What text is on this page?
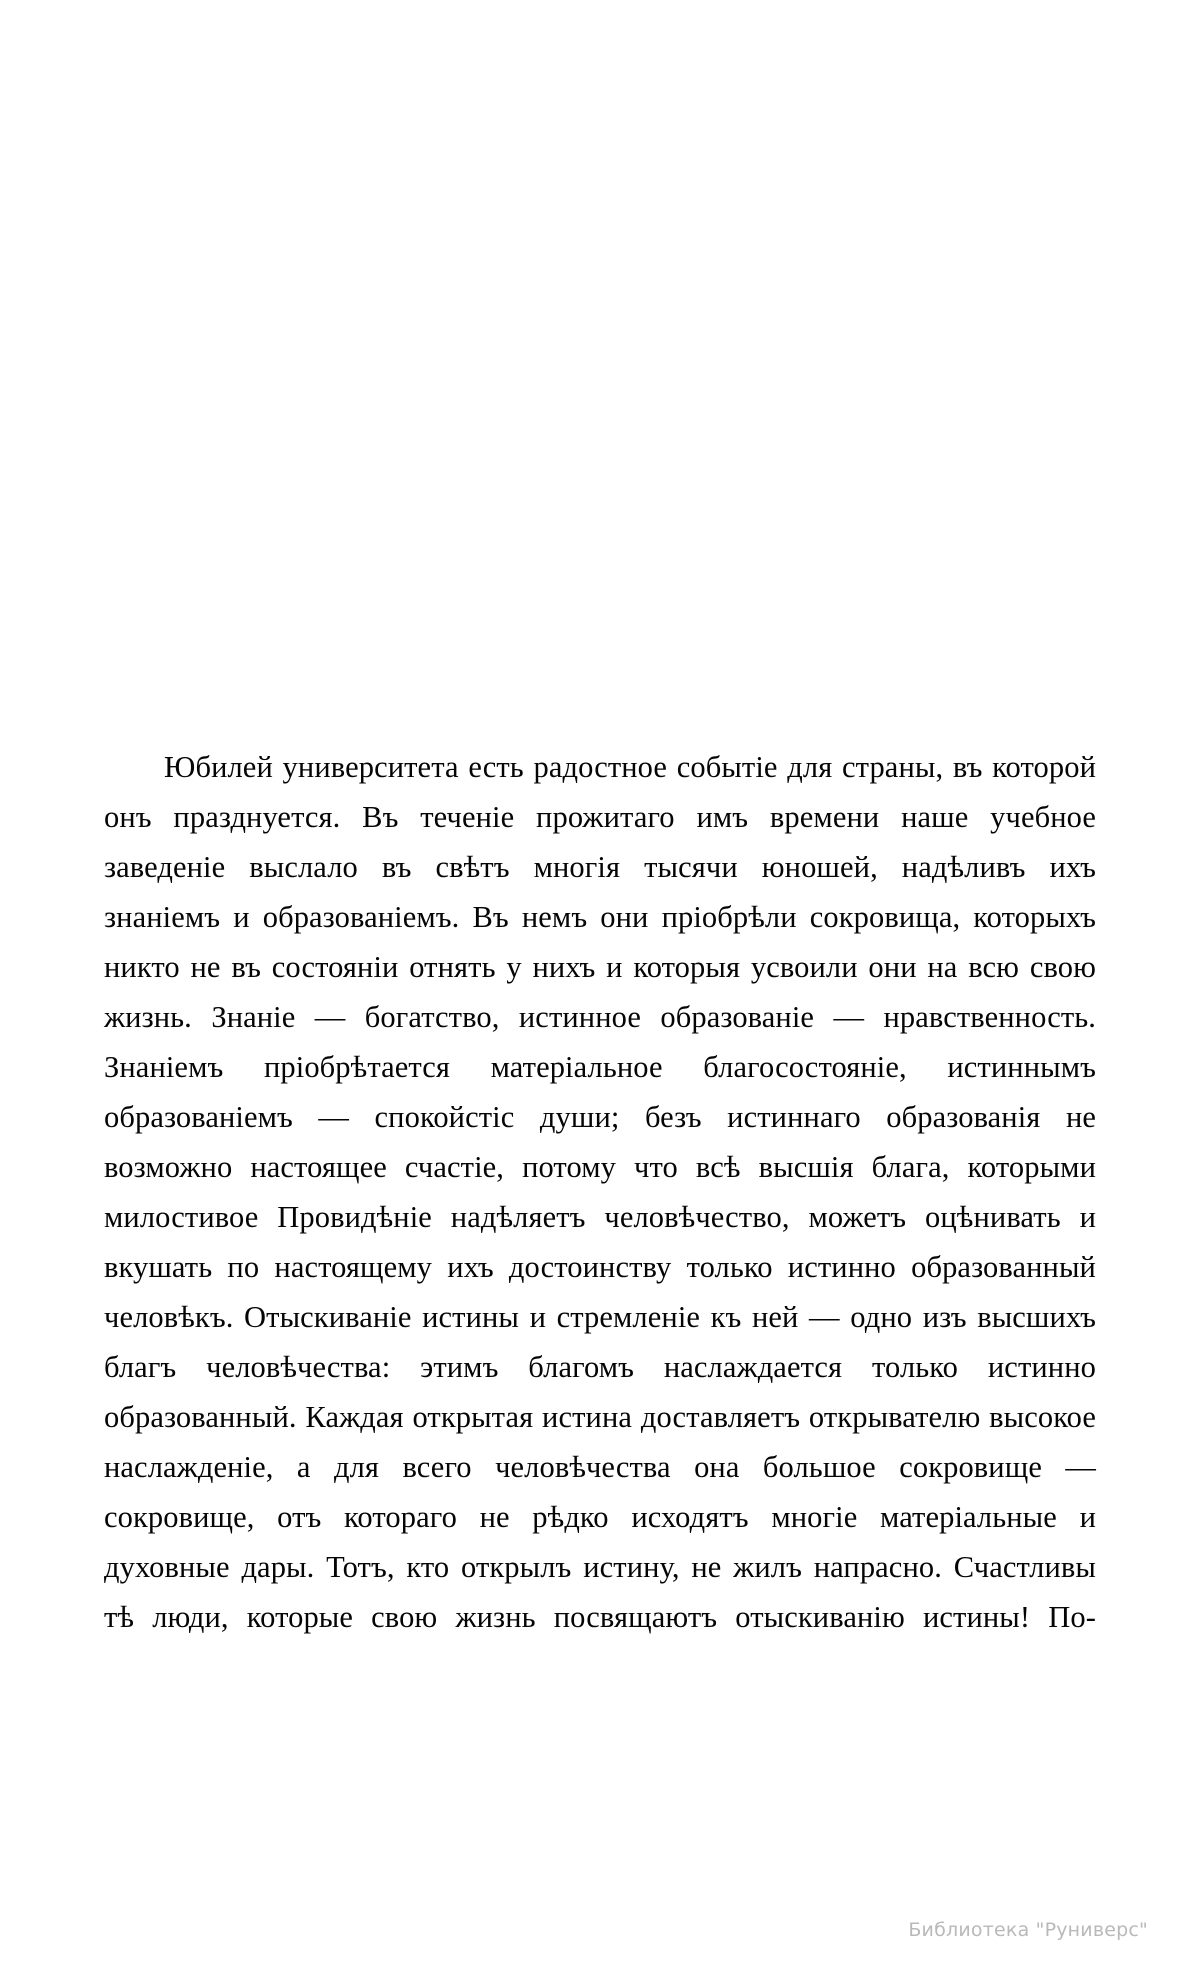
Юбилей университета есть радостное событіе для страны, въ которой онъ празднуется. Въ теченіе прожитаго имъ времени наше учебное заведеніе выслало въ свѣтъ многія тысячи юношей, надѣливъ ихъ знаніемъ и образованіемъ. Въ немъ они пріобрѣли сокровища, которыхъ никто не въ состояніи отнять у нихъ и которыя усвоили они на всю свою жизнь. Знаніе — богатство, истинное образованіе — нравственность. Знаніемъ пріобрѣтается матеріальное благосостояніе, истиннымъ образованіемъ — спокойстіс души; безъ истиннаго образованія не возможно настоящее счастіе, потому что всѣ высшія блага, которыми милостивое Провидѣніе надѣляетъ человѣчество, можетъ оцѣнивать и вкушать по настоящему ихъ достоинству только истинно образованный человѣкъ. Отыскиваніе истины и стремленіе къ ней — одно изъ высшихъ благъ человѣчества: этимъ благомъ наслаждается только истинно образованный. Каждая открытая истина доставляетъ открывателю высокое наслажденіе, а для всего человѣчества она большое сокровище — сокровище, отъ котораго не рѣдко исходятъ многіе матеріальные и духовные дары. Тотъ, кто открылъ истину, не жилъ напрасно. Счастливы тѣ люди, которые свою жизнь посвящаютъ отыскиванію истины! По-

Библиотека "Руниверс"
